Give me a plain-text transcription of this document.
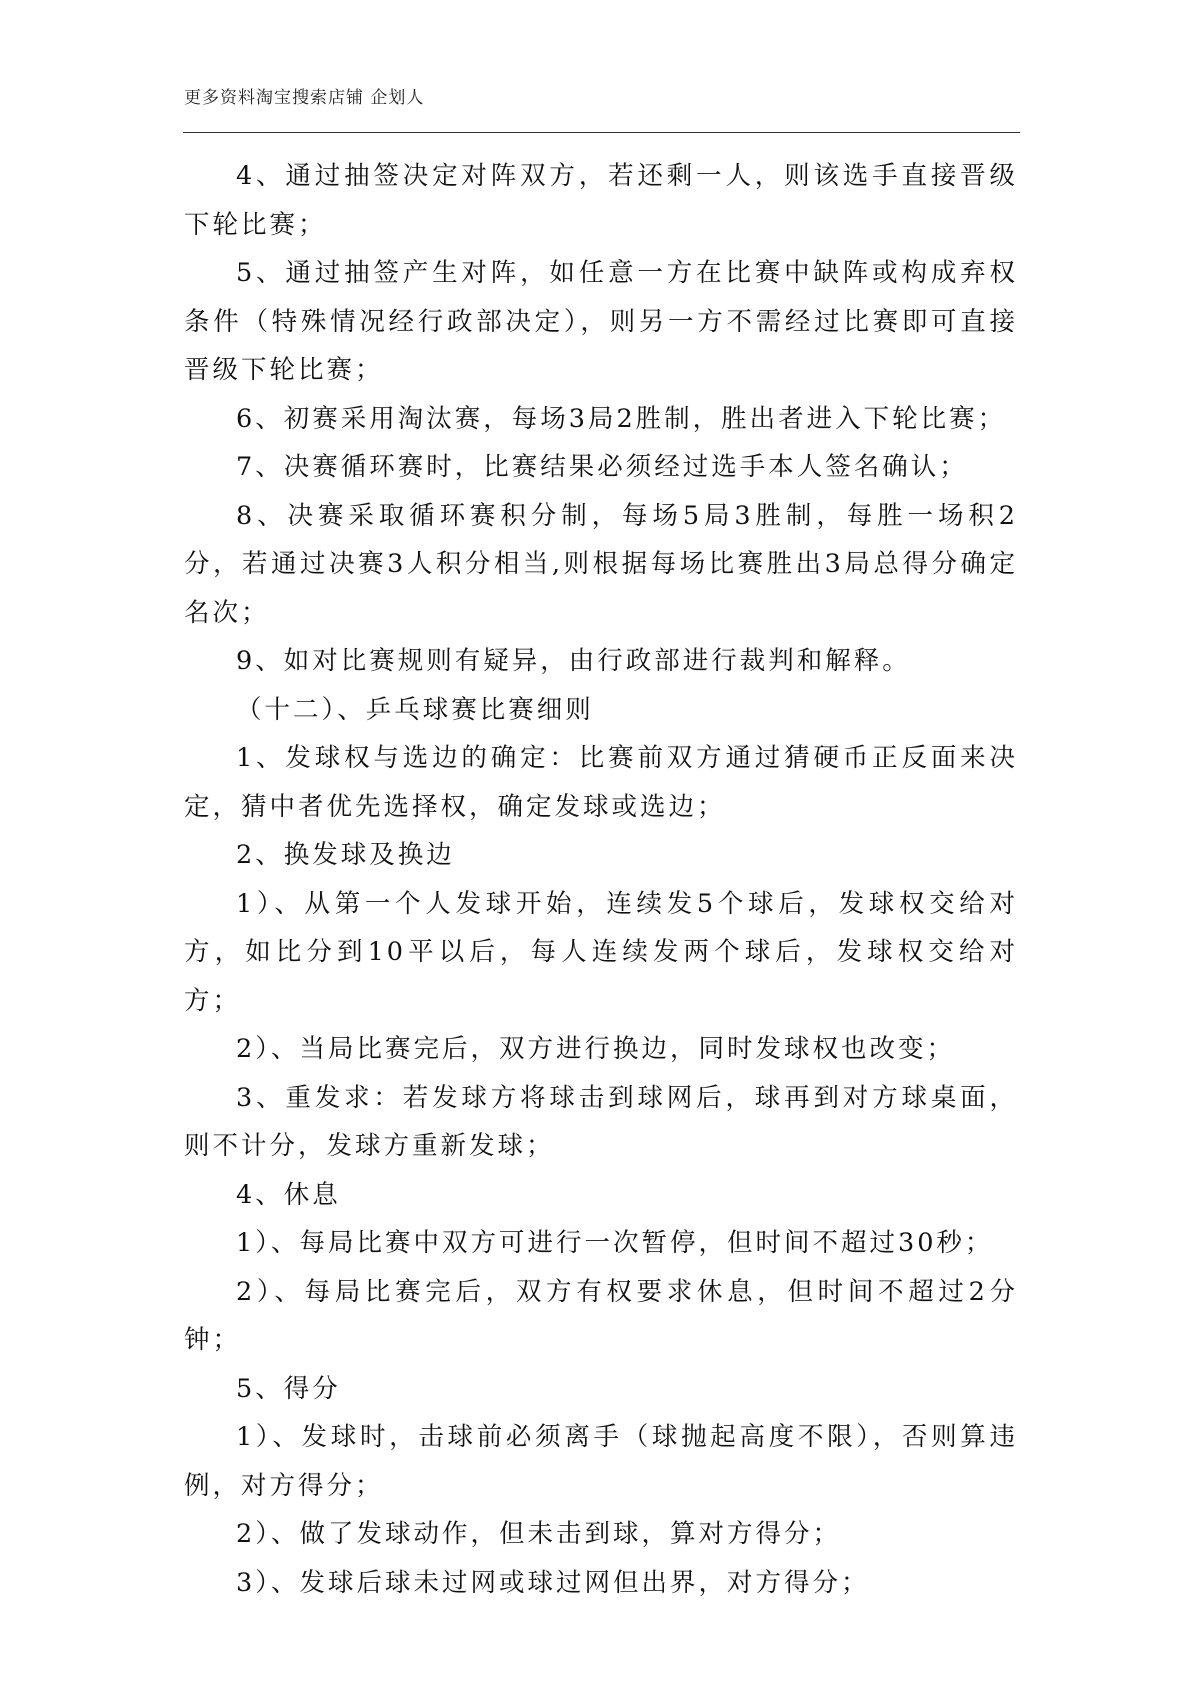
更多资料淘宝搜索店铺 企划人

4、通过抽签决定对阵双方，若还剩一人，则该选手直接晋级下轮比赛；

5、通过抽签产生对阵，如任意一方在比赛中缺阵或构成弃权条件（特殊情况经行政部决定），则另一方不需经过比赛即可直接晋级下轮比赛；

6、初赛采用淘汰赛，每场3局2胜制，胜出者进入下轮比赛；

7、决赛循环赛时，比赛结果必须经过选手本人签名确认；

8、决赛采取循环赛积分制，每场5局3胜制，每胜一场积2分，若通过决赛3人积分相当,则根据每场比赛胜出3局总得分确定名次；

9、如对比赛规则有疑异，由行政部进行裁判和解释。

（十二）、乒乓球赛比赛细则

1、发球权与选边的确定：比赛前双方通过猜硬币正反面来决定，猜中者优先选择权，确定发球或选边；

2、换发球及换边

1）、从第一个人发球开始，连续发5个球后，发球权交给对方，如比分到10平以后，每人连续发两个球后，发球权交给对方；

2）、当局比赛完后，双方进行换边，同时发球权也改变；

3、重发求：若发球方将球击到球网后，球再到对方球桌面，则不计分，发球方重新发球；

4、休息

1）、每局比赛中双方可进行一次暂停，但时间不超过30秒；

2）、每局比赛完后，双方有权要求休息，但时间不超过2分钟；

5、得分

1）、发球时，击球前必须离手（球抛起高度不限），否则算违例，对方得分；

2）、做了发球动作，但未击到球，算对方得分；

3）、发球后球未过网或球过网但出界，对方得分；
